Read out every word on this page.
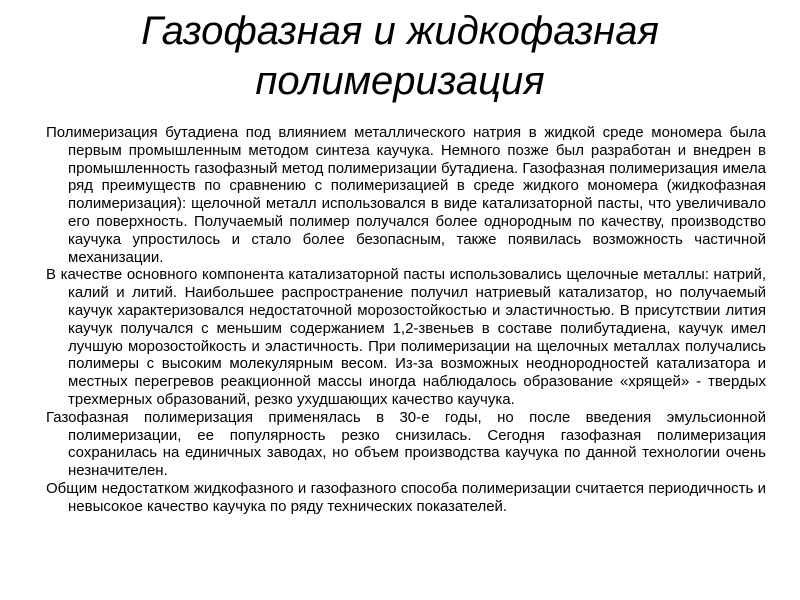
Газофазная и жидкофазная
полимеризация

Полимеризация бутадиена под влиянием металлического натрия в жидкой среде мономера была первым промышленным методом синтеза каучука. Немного позже был разработан и внедрен в промышленность газофазный метод полимеризации бутадиена. Газофазная полимеризация имела ряд преимуществ по сравнению с полимеризацией в среде жидкого мономера (жидкофазная полимеризация): щелочной металл использовался в виде катализаторной пасты, что увеличивало его поверхность. Получаемый полимер получался более однородным по качеству, производство каучука упростилось и стало более безопасным, также появилась возможность частичной механизации.

В качестве основного компонента катализаторной пасты использовались щелочные металлы: натрий, калий и литий. Наибольшее распространение получил натриевый катализатор, но получаемый каучук характеризовался недостаточной морозостойкостью и эластичностью. В присутствии лития каучук получался с меньшим содержанием 1,2-звеньев в составе полибутадиена, каучук имел лучшую морозостойкость и эластичность. При полимеризации на щелочных металлах получались полимеры с высоким молекулярным весом. Из-за возможных неоднородностей катализатора и местных перегревов реакционной массы иногда наблюдалось образование «хрящей» - твердых трехмерных образований, резко ухудшающих качество каучука.

Газофазная полимеризация применялась в 30-е годы, но после введения эмульсионной полимеризации, ее популярность резко снизилась. Сегодня газофазная полимеризация сохранилась на единичных заводах, но объем производства каучука по данной технологии очень незначителен.

Общим недостатком жидкофазного и газофазного способа полимеризации считается периодичность и невысокое качество каучука по ряду технических показателей.
